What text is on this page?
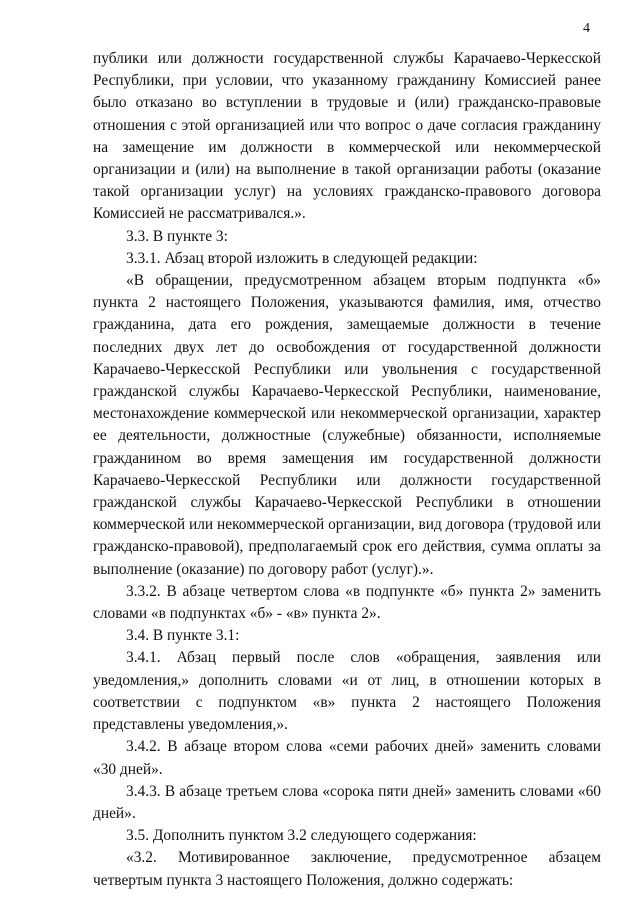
4

публики или должности государственной службы Карачаево-Черкесской Республики, при условии, что указанному гражданину Комиссией ранее было отказано во вступлении в трудовые и (или) гражданско-правовые отношения с этой организацией или что вопрос о даче согласия гражданину на замещение им должности в коммерческой или некоммерческой организации и (или) на выполнение в такой организации работы (оказание такой организации услуг) на условиях гражданско-правового договора Комиссией не рассматривался.».

3.3. В пункте 3:

3.3.1. Абзац второй изложить в следующей редакции:

«В обращении, предусмотренном абзацем вторым подпункта «б» пункта 2 настоящего Положения, указываются фамилия, имя, отчество гражданина, дата его рождения, замещаемые должности в течение последних двух лет до освобождения от государственной должности Карачаево-Черкесской Республики или увольнения с государственной гражданской службы Карачаево-Черкесской Республики, наименование, местонахождение коммерческой или некоммерческой организации, характер ее деятельности, должностные (служебные) обязанности, исполняемые гражданином во время замещения им государственной должности Карачаево-Черкесской Республики или должности государственной гражданской службы Карачаево-Черкесской Республики в отношении коммерческой или некоммерческой организации, вид договора (трудовой или гражданско-правовой), предполагаемый срок его действия, сумма оплаты за выполнение (оказание) по договору работ (услуг).».

3.3.2. В абзаце четвертом слова «в подпункте «б» пункта 2» заменить словами «в подпунктах «б» - «в» пункта 2».

3.4. В пункте 3.1:

3.4.1. Абзац первый после слов «обращения, заявления или уведомления,» дополнить словами «и от лиц, в отношении которых в соответствии с подпунктом «в» пункта 2 настоящего Положения представлены уведомления,».

3.4.2. В абзаце втором слова «семи рабочих дней» заменить словами «30 дней».

3.4.3. В абзаце третьем слова «сорока пяти дней» заменить словами «60 дней».

3.5. Дополнить пунктом 3.2 следующего содержания:

«3.2. Мотивированное заключение, предусмотренное абзацем четвертым пункта 3 настоящего Положения, должно содержать:
